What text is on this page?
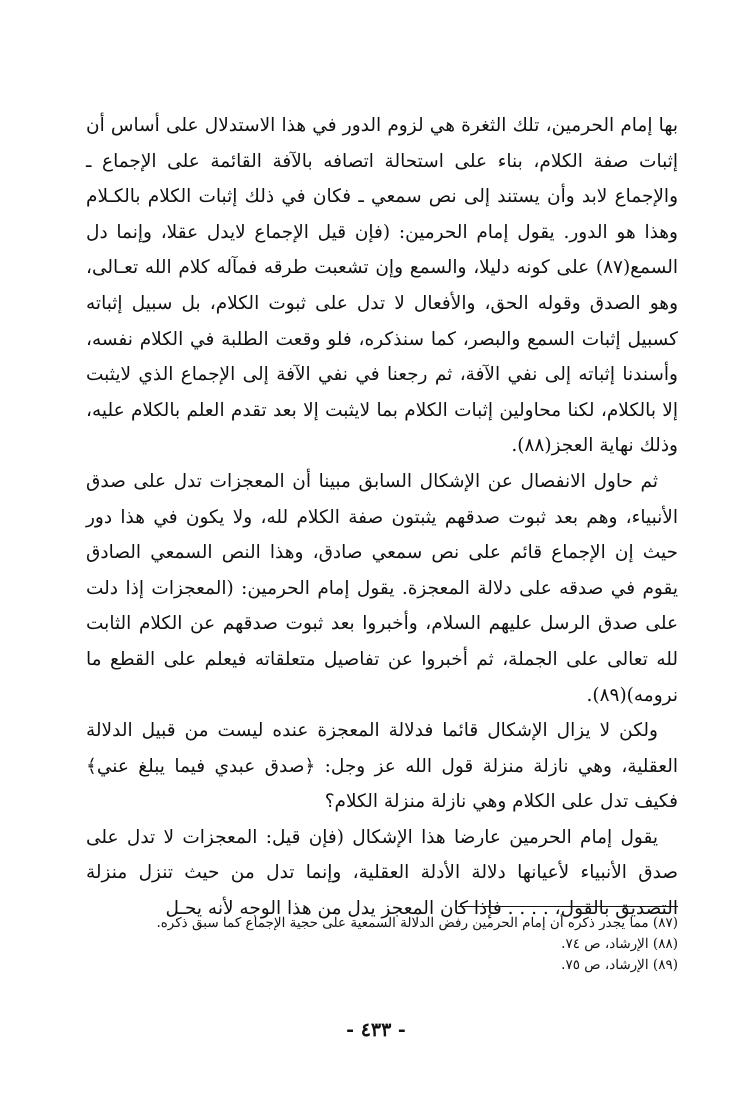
بها إمام الحرمين، تلك الثغرة هي لزوم الدور في هذا الاستدلال على أساس أن إثبات صفة الكلام، بناء على استحالة اتصافه بالآفة القائمة على الإجماع ـ والإجماع لابد وأن يستند إلى نص سمعي ـ فكان في ذلك إثبات الكلام بالكـلام وهذا هو الدور. يقول إمام الحرمين: (فإن قيل الإجماع لايدل عقلا، وإنما دل السمع(٨٧) على كونه دليلا، والسمع وإن تشعبت طرقه فمآله كلام الله تعـالى، وهو الصدق وقوله الحق، والأفعال لا تدل على ثبوت الكلام، بل سبيل إثباته كسبيل إثبات السمع والبصر، كما سنذكره، فلو وقعت الطلبة في الكلام نفسه، وأسندنا إثباته إلى نفي الآفة، ثم رجعنا في نفي الآفة إلى الإجماع الذي لايثبت إلا بالكلام، لكنا محاولين إثبات الكلام بما لايثبت إلا بعد تقدم العلم بالكلام عليه، وذلك نهاية العجز(٨٨).

ثم حاول الانفصال عن الإشكال السابق مبينا أن المعجزات تدل على صدق الأنبياء، وهم بعد ثبوت صدقهم يثبتون صفة الكلام لله، ولا يكون في هذا دور حيث إن الإجماع قائم على نص سمعي صادق، وهذا النص السمعي الصادق يقوم في صدقه على دلالة المعجزة. يقول إمام الحرمين: (المعجزات إذا دلت على صدق الرسل عليهم السلام، وأخبروا بعد ثبوت صدقهم عن الكلام الثابت لله تعالى على الجملة، ثم أخبروا عن تفاصيل متعلقاته فيعلم على القطع ما نرومه)(٨٩).

ولكن لا يزال الإشكال قائما فدلالة المعجزة عنده ليست من قبيل الدلالة العقلية، وهي نازلة منزلة قول الله عز وجل: ﴿صدق عبدي فيما يبلغ عني﴾ فكيف تدل على الكلام وهي نازلة منزلة الكلام؟

يقول إمام الحرمين عارضا هذا الإشكال (فإن قيل: المعجزات لا تدل على صدق الأنبياء لأعيانها دلالة الأدلة العقلية، وإنما تدل من حيث تنزل منزلة التصديق بالقول، . . . . فإذا كان المعجز يدل من هذا الوجه لأنه يحـل

(٨٧) مما يجدر ذكره أن إمام الحرمين رفض الدلالة السمعية على حجية الإجماع كما سبق ذكره.
(٨٨) الإرشاد، ص ٧٤.
(٨٩) الإرشاد، ص ٧٥.
- ٤٣٣ -
